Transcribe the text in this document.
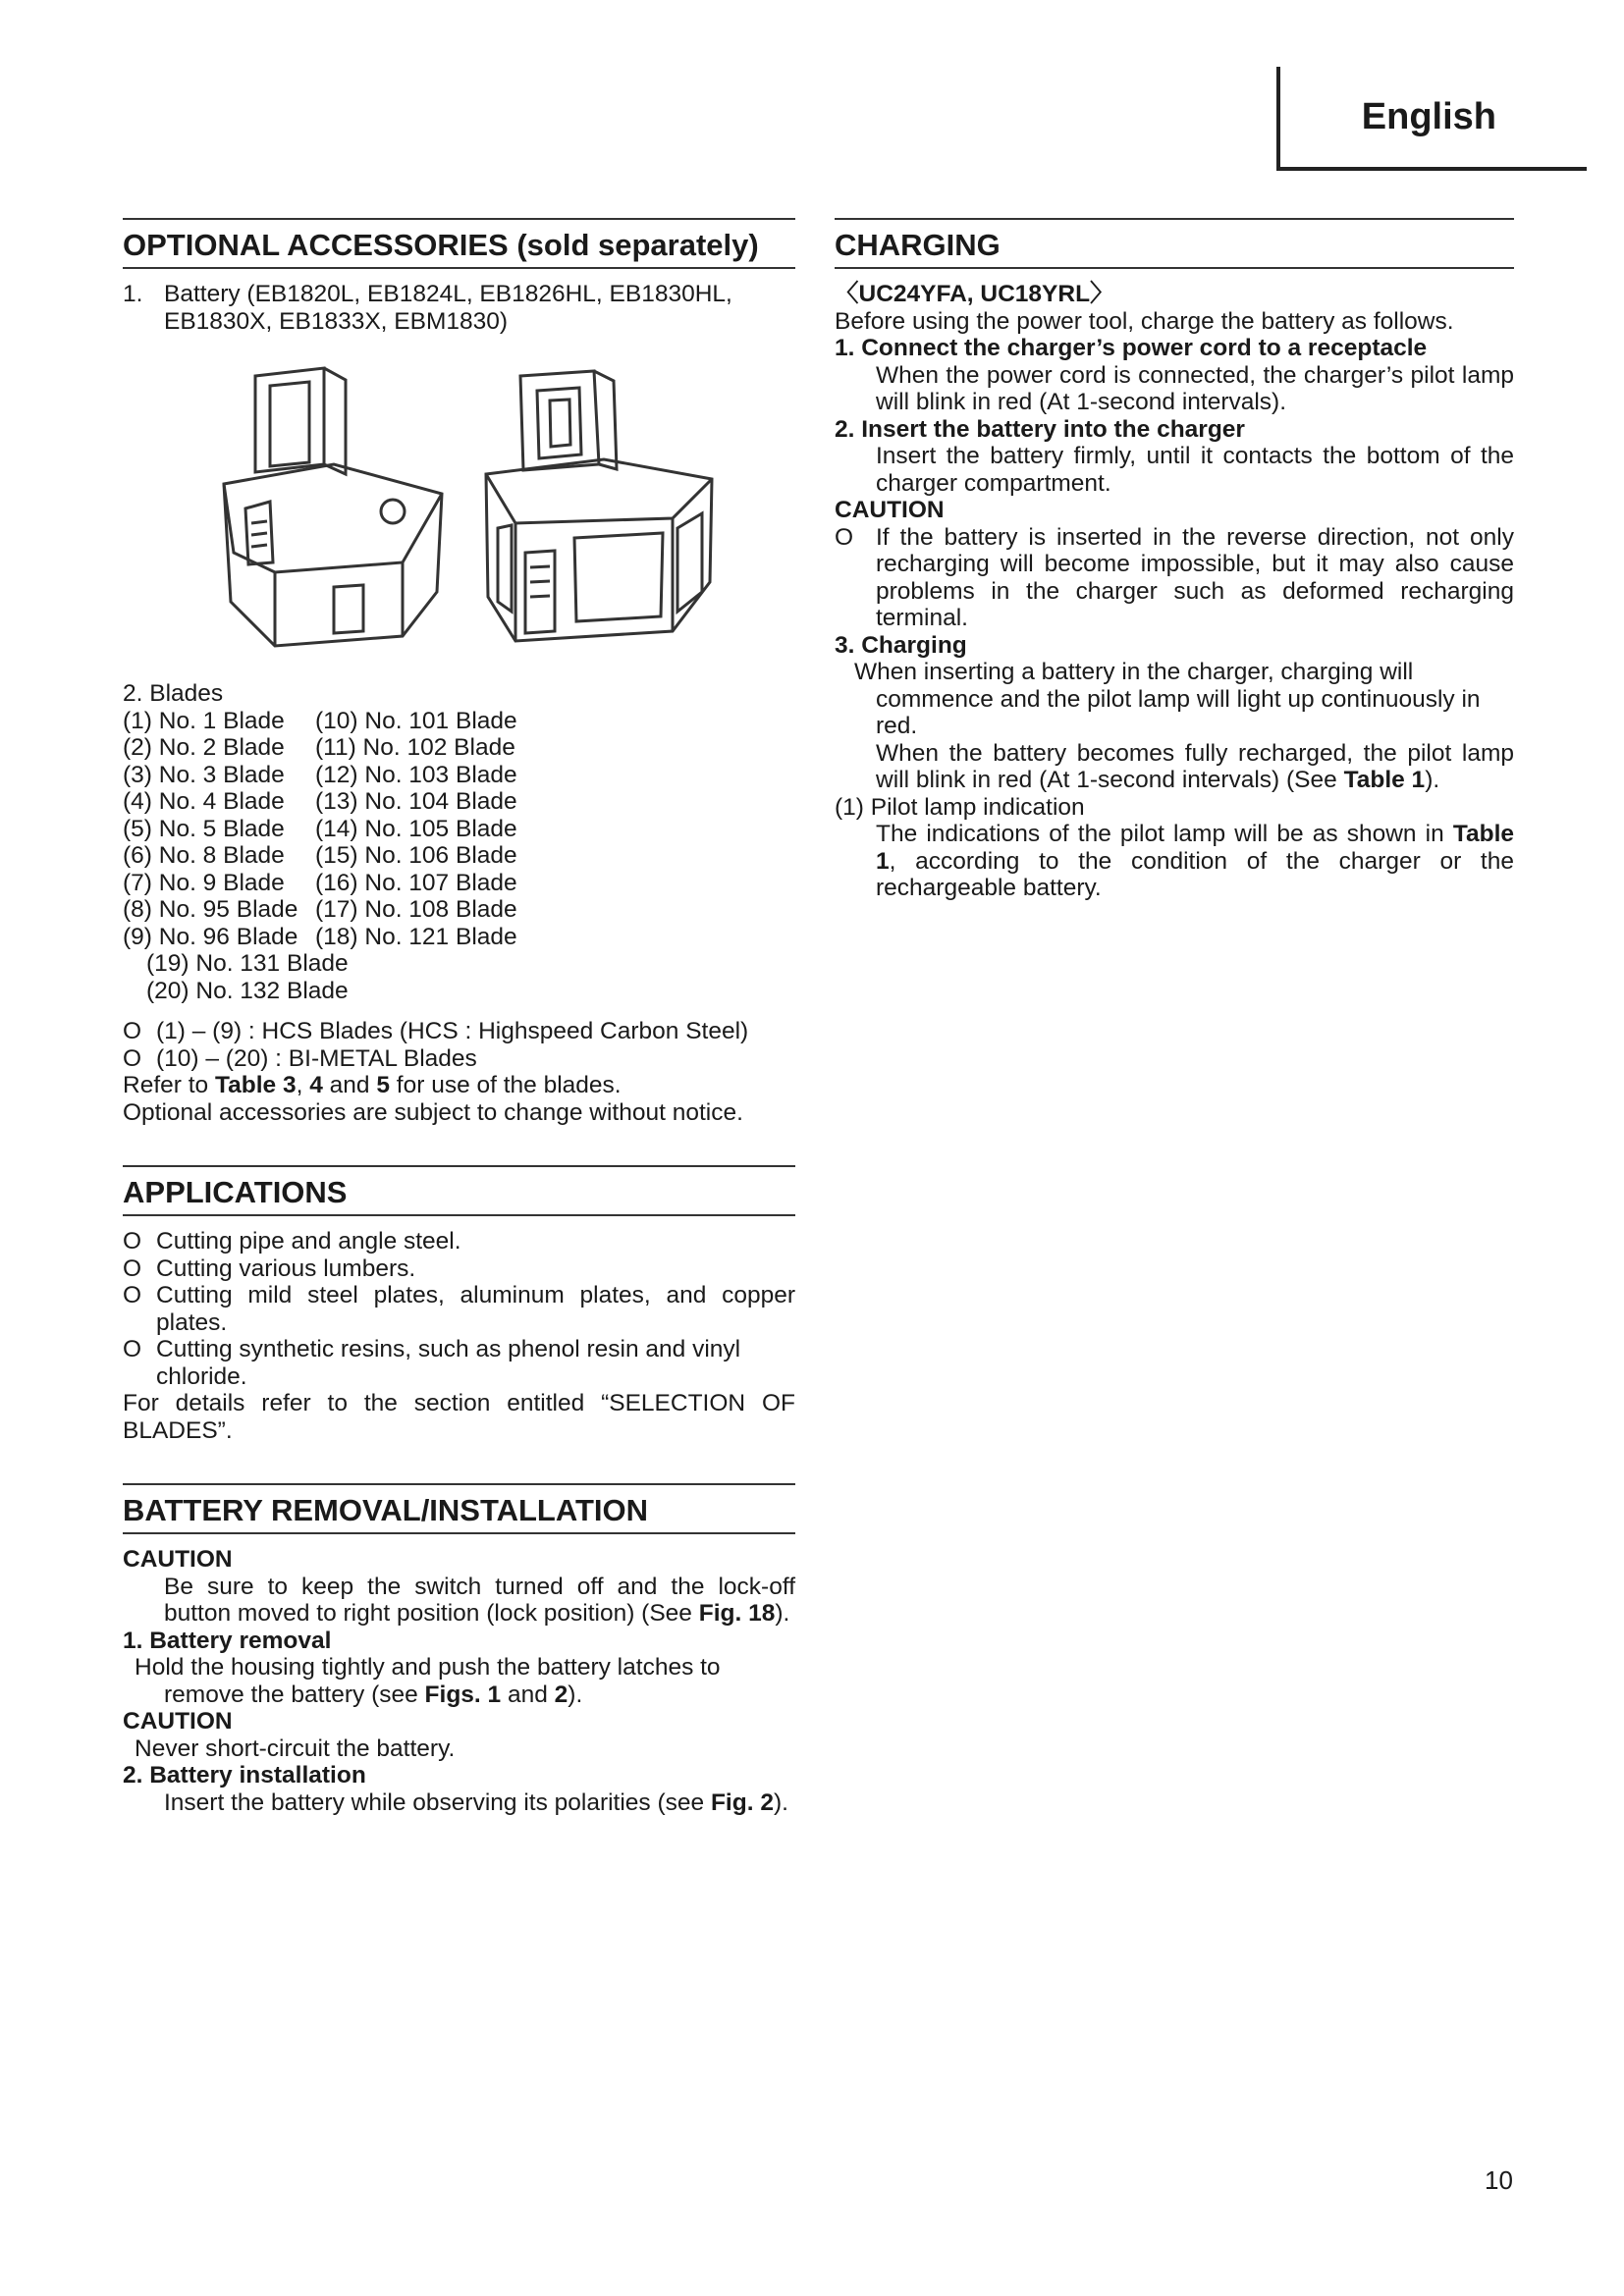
English
OPTIONAL ACCESSORIES (sold separately)
1. Battery (EB1820L, EB1824L, EB1826HL, EB1830HL,

EB1830X, EB1833X, EBM1830)

2. Blades

(1) No. 1 Blade	(10) No. 101 Blade
(2) No. 2 Blade	(11) No. 102 Blade
(3) No. 3 Blade	(12) No. 103 Blade
(4) No. 4 Blade	(13) No. 104 Blade
(5) No. 5 Blade	(14) No. 105 Blade
(6) No. 8 Blade	(15) No. 106 Blade
(7) No. 9 Blade	(16) No. 107 Blade
(8) No. 95 Blade (17) No. 108 Blade
(9) No. 96 Blade (18) No. 121 Blade
(19) No. 131 Blade
(20) No. 132 Blade

O (1) – (9) : HCS Blades (HCS : Highspeed Carbon Steel)

O (10) – (20) : BI-METAL Blades

Refer to Table 3, 4 and 5 for use of the blades.

Optional accessories are subject to change without notice.

APPLICATIONS

O Cutting pipe and angle steel.

O Cutting various lumbers.

O Cutting mild steel plates, aluminum plates, and copper plates.

O Cutting synthetic resins, such as phenol resin and vinyl chloride.

For details refer to the section entitled “SELECTION OF BLADES”.

BATTERY REMOVAL/INSTALLATION

CAUTION

Be sure to keep the switch turned off and the lock-off button moved to right position (lock position) (See Fig. 18).

1. Battery removal

Hold the housing tightly and push the battery latches to remove the battery (see Figs. 1 and 2).

CAUTION

Never short-circuit the battery.

2. Battery installation

Insert the battery while observing its polarities (see Fig. 2).

CHARGING

〈UC24YFA, UC18YRL〉

Before using the power tool, charge the battery as follows.

1. Connect the charger’s power cord to a receptacle

When the power cord is connected, the charger’s pilot lamp will blink in red (At 1-second intervals).

2. Insert the battery into the charger

Insert the battery firmly, until it contacts the bottom of the charger compartment.

CAUTION

O If the battery is inserted in the reverse direction, not only recharging will become impossible, but it may also cause problems in the charger such as deformed recharging terminal.

3. Charging

When inserting a battery in the charger, charging will commence and the pilot lamp will light up continuously in red.

When the battery becomes fully recharged, the pilot lamp will blink in red (At 1-second intervals) (See Table 1).

(1) Pilot lamp indication

The indications of the pilot lamp will be as shown in Table 1, according to the condition of the charger or the rechargeable battery.

10
